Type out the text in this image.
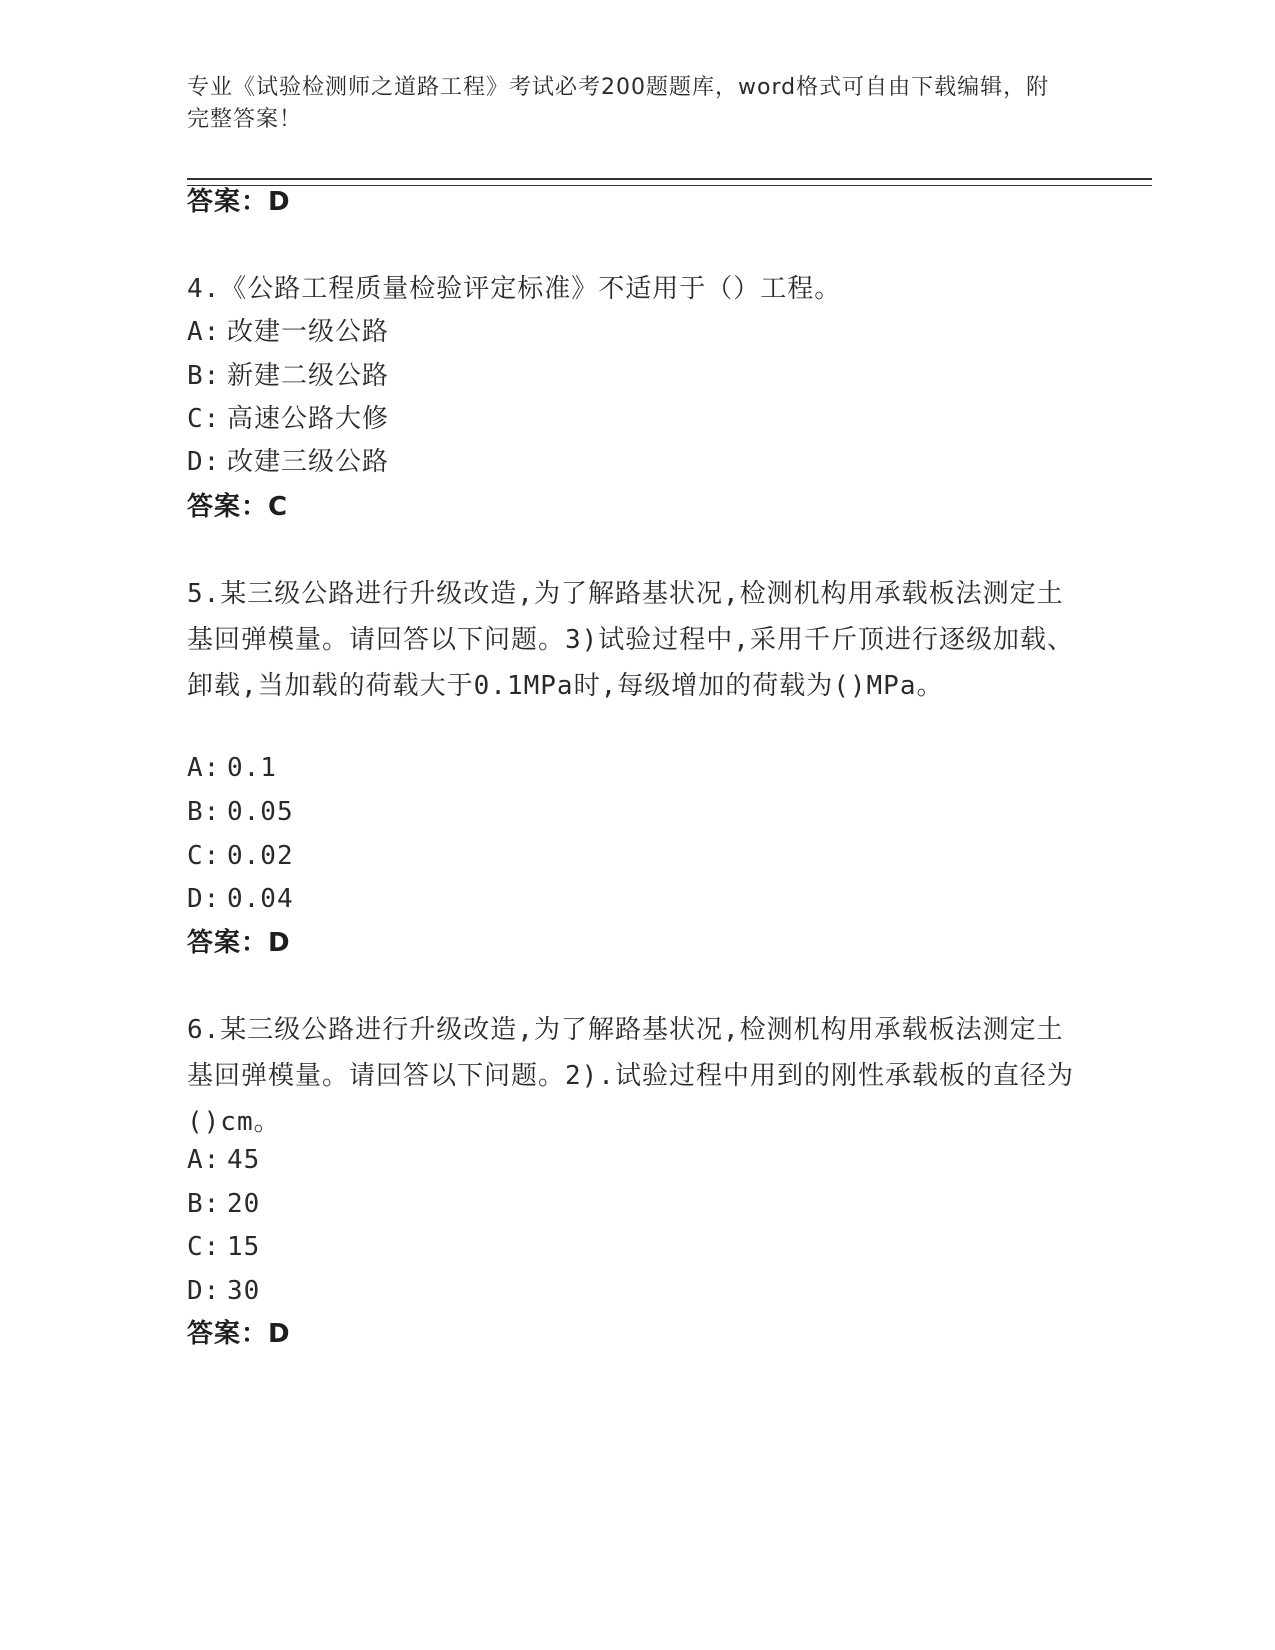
专业《试验检测师之道路工程》考试必考200题题库，word格式可自由下载编辑，附完整答案！
答案：D
4.《公路工程质量检验评定标准》不适用于（）工程。
A: 改建一级公路
B: 新建二级公路
C: 高速公路大修
D: 改建三级公路
答案：C
5.某三级公路进行升级改造,为了解路基状况,检测机构用承载板法测定土基回弹模量。请回答以下问题。3)试验过程中,采用千斤顶进行逐级加载、卸载,当加载的荷载大于0.1MPa时,每级增加的荷载为()MPa。
A: 0.1
B: 0.05
C: 0.02
D: 0.04
答案：D
6.某三级公路进行升级改造,为了解路基状况,检测机构用承载板法测定土基回弹模量。请回答以下问题。2).试验过程中用到的刚性承载板的直径为()cm。
A: 45
B: 20
C: 15
D: 30
答案：D
